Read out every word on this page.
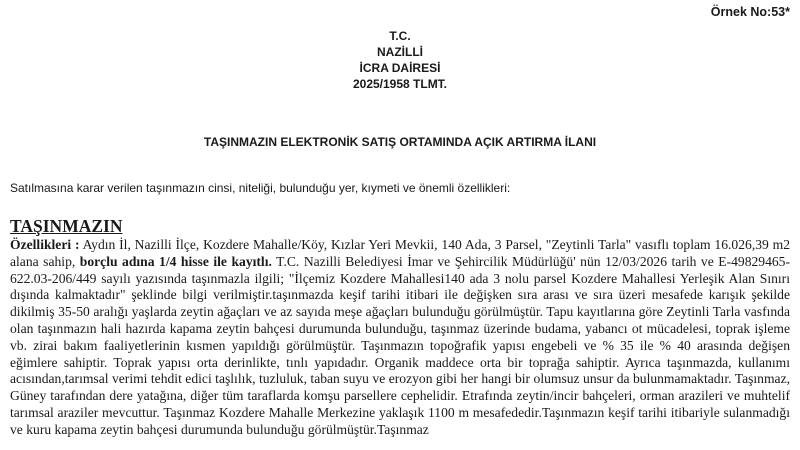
Örnek No:53*
T.C.
NAZİLLİ
İCRA DAİRESİ
2025/1958 TLMT.
TAŞINMAZIN ELEKTRONİK SATIŞ ORTAMINDA AÇIK ARTIRMA İLANI
Satılmasına karar verilen taşınmazın cinsi, niteliği, bulunduğu yer, kıymeti ve önemli özellikleri:
TAŞINMAZIN

Özellikleri : Aydın İl, Nazilli İlçe, Kozdere Mahalle/Köy, Kızlar Yeri Mevkii, 140 Ada, 3 Parsel, "Zeytinli Tarla" vasıflı toplam 16.026,39 m2 alana sahip, borçlu adına 1/4 hisse ile kayıtlı. T.C. Nazilli Belediyesi İmar ve Şehircilik Müdürlüğü' nün 12/03/2026 tarih ve E-49829465-622.03-206/449 sayılı yazısında taşınmazla ilgili; "İlçemiz Kozdere Mahallesi140 ada 3 nolu parsel Kozdere Mahallesi Yerleşik Alan Sınırı dışında kalmaktadır" şeklinde bilgi verilmiştir.taşınmazda keşif tarihi itibari ile değişken sıra arası ve sıra üzeri mesafede karışık şekilde dikilmiş 35-50 aralığı yaşlarda zeytin ağaçları ve az sayıda meşe ağaçları bulunduğu görülmüştür. Tapu kayıtlarına göre Zeytinli Tarla vasfında olan taşınmazın hali hazırda kapama zeytin bahçesi durumunda bulunduğu, taşınmaz üzerinde budama, yabancı ot mücadelesi, toprak işleme vb. zirai bakım faaliyetlerinin kısmen yapıldığı görülmüştür. Taşınmazın topoğrafik yapısı engebeli ve % 35 ile % 40 arasında değişen eğimlere sahiptir. Toprak yapısı orta derinlikte, tınlı yapıdadır. Organik maddece orta bir toprağa sahiptir. Ayrıca taşınmazda, kullanımı acısından,tarımsal verimi tehdit edici taşlılık, tuzluluk, taban suyu ve erozyon gibi her hangi bir olumsuz unsur da bulunmamaktadır. Taşınmaz, Güney tarafından dere yatağına, diğer tüm taraflarda komşu parsellere cephelidir. Etrafında zeytin/incir bahçeleri, orman arazileri ve muhtelif tarımsal araziler mevcuttur. Taşınmaz Kozdere Mahalle Merkezine yaklaşık 1100 m mesafededir.Taşınmazın keşif tarihi itibariyle sulanmadığı ve kuru kapama zeytin bahçesi durumunda bulunduğu görülmüştür.Taşınmaz
